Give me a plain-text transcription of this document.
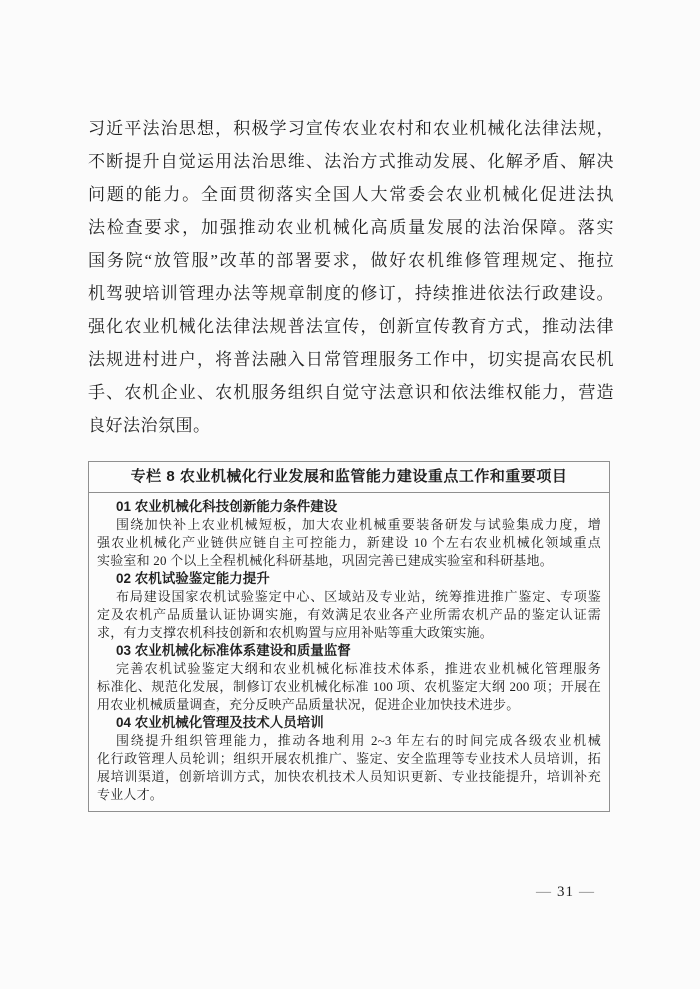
习近平法治思想，积极学习宣传农业农村和农业机械化法律法规，
不断提升自觉运用法治思维、法治方式推动发展、化解矛盾、解决
问题的能力。全面贯彻落实全国人大常委会农业机械化促进法执
法检查要求，加强推动农业机械化高质量发展的法治保障。落实
国务院“放管服”改革的部署要求，做好农机维修管理规定、拖拉
机驾驶培训管理办法等规章制度的修订，持续推进依法行政建设。
强化农业机械化法律法规普法宣传，创新宣传教育方式，推动法律
法规进村进户，将普法融入日常管理服务工作中，切实提高农民机
手、农机企业、农机服务组织自觉守法意识和依法维权能力，营造
良好法治氛围。
专栏 8 农业机械化行业发展和监管能力建设重点工作和重要项目
01 农业机械化科技创新能力条件建设
围绕加快补上农业机械短板，加大农业机械重要装备研发与试验集成力度，增
强农业机械化产业链供应链自主可控能力，新建设 10 个左右农业机械化领域重点
实验室和 20 个以上全程机械化科研基地，巩固完善已建成实验室和科研基地。
02 农机试验鉴定能力提升
布局建设国家农机试验鉴定中心、区域站及专业站，统筹推进推广鉴定、专项鉴
定及农机产品质量认证协调实施，有效满足农业各产业所需农机产品的鉴定认证需
求，有力支撑农机科技创新和农机购置与应用补贴等重大政策实施。
03 农业机械化标准体系建设和质量监督
完善农机试验鉴定大纲和农业机械化标准技术体系，推进农业机械化管理服务
标准化、规范化发展，制修订农业机械化标准 100 项、农机鉴定大纲 200 项；开展在
用农业机械质量调查，充分反映产品质量状况，促进企业加快技术进步。
04 农业机械化管理及技术人员培训
围绕提升组织管理能力，推动各地利用 2~3 年左右的时间完成各级农业机械
化行政管理人员轮训；组织开展农机推广、鉴定、安全监理等专业技术人员培训，拓
展培训渠道，创新培训方式，加快农机技术人员知识更新、专业技能提升，培训补充
专业人才。
— 31 —
